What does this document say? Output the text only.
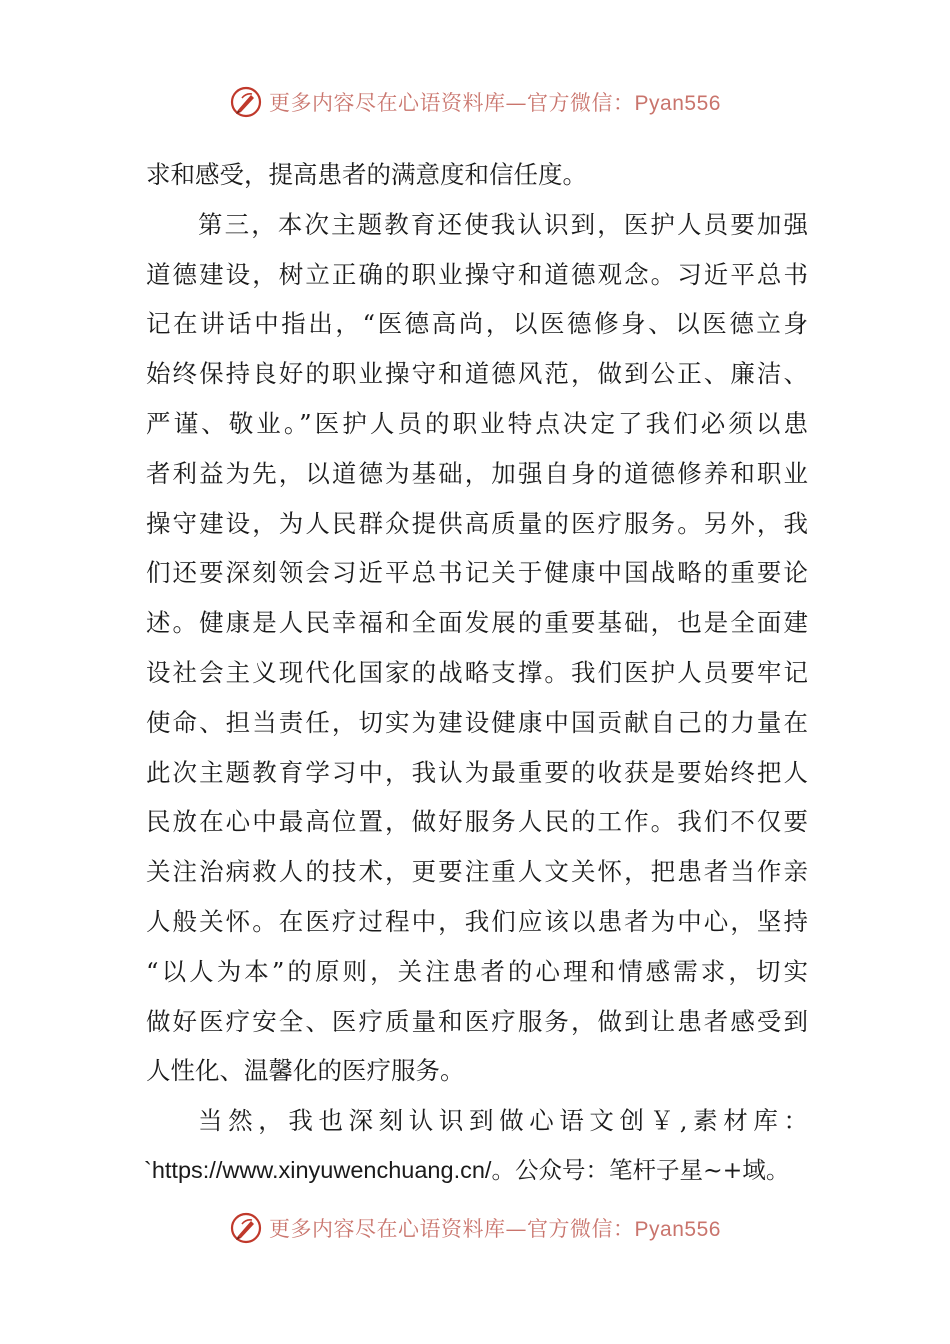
更多内容尽在心语资料库—官方微信：Pyan556
求和感受，提高患者的满意度和信任度。
第三，本次主题教育还使我认识到，医护人员要加强
道德建设，树立正确的职业操守和道德观念。习近平总书
记在讲话中指出，“医德高尚，以医德修身、以医德立身
始终保持良好的职业操守和道德风范，做到公正、廉洁、
严谨、敬业。”医护人员的职业特点决定了我们必须以患
者利益为先，以道德为基础，加强自身的道德修养和职业
操守建设，为人民群众提供高质量的医疗服务。另外，我
们还要深刻领会习近平总书记关于健康中国战略的重要论
述。健康是人民幸福和全面发展的重要基础，也是全面建
设社会主义现代化国家的战略支撑。我们医护人员要牢记
使命、担当责任，切实为建设健康中国贡献自己的力量在
此次主题教育学习中，我认为最重要的收获是要始终把人
民放在心中最高位置，做好服务人民的工作。我们不仅要
关注治病救人的技术，更要注重人文关怀，把患者当作亲
人般关怀。在医疗过程中，我们应该以患者为中心，坚持
“以人为本”的原则，关注患者的心理和情感需求，切实
做好医疗安全、医疗质量和医疗服务，做到让患者感受到
人性化、温馨化的医疗服务。
当然，我也深刻认识到做心语文创￥,素材库：
`https://www.xinyuwenchuang.cn/。公众号：笔杆子星~+域。
更多内容尽在心语资料库—官方微信：Pyan556
